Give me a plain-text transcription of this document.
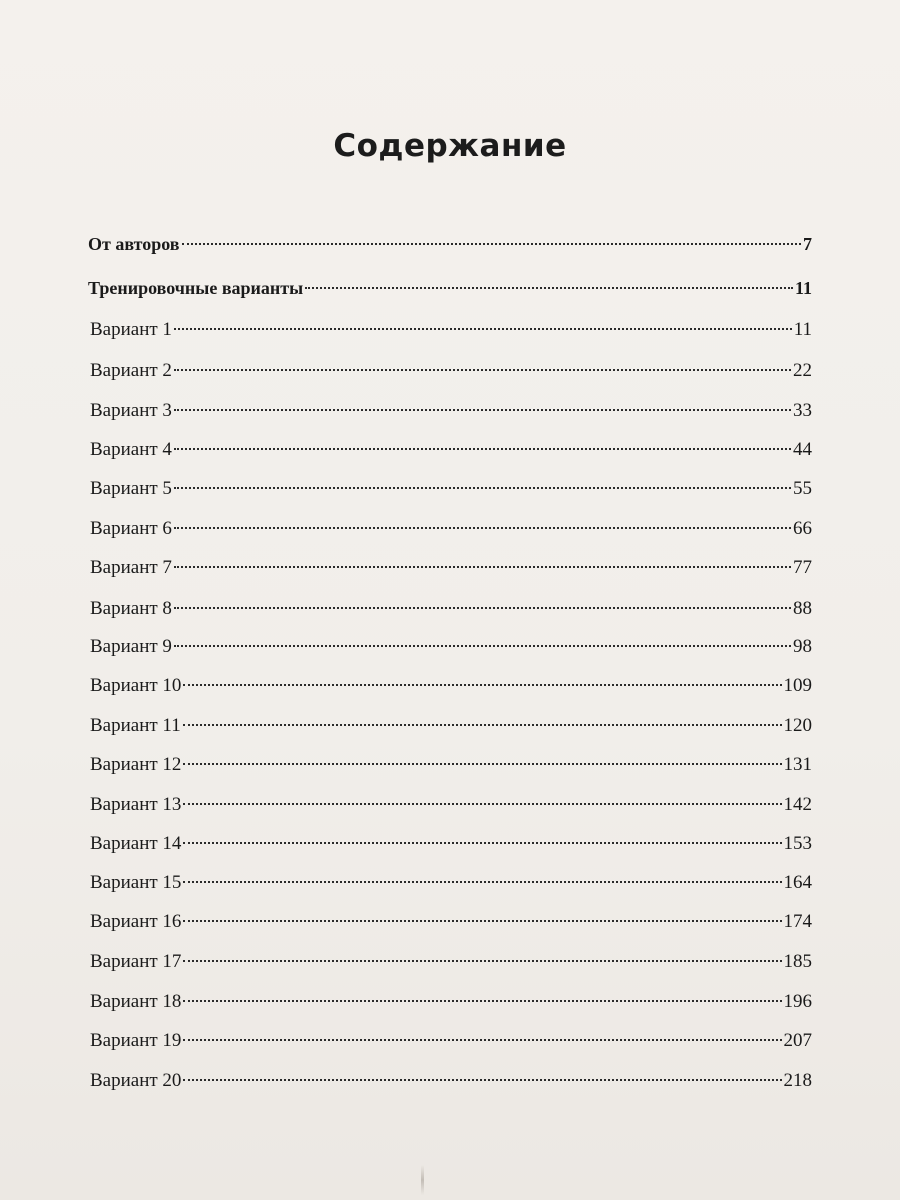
Содержание
От авторов	7
Тренировочные варианты	11
Вариант 1	11
Вариант 2	22
Вариант 3	33
Вариант 4	44
Вариант 5	55
Вариант 6	66
Вариант 7	77
Вариант 8	88
Вариант 9	98
Вариант 10	109
Вариант 11	120
Вариант 12	131
Вариант 13	142
Вариант 14	153
Вариант 15	164
Вариант 16	174
Вариант 17	185
Вариант 18	196
Вариант 19	207
Вариант 20	218
